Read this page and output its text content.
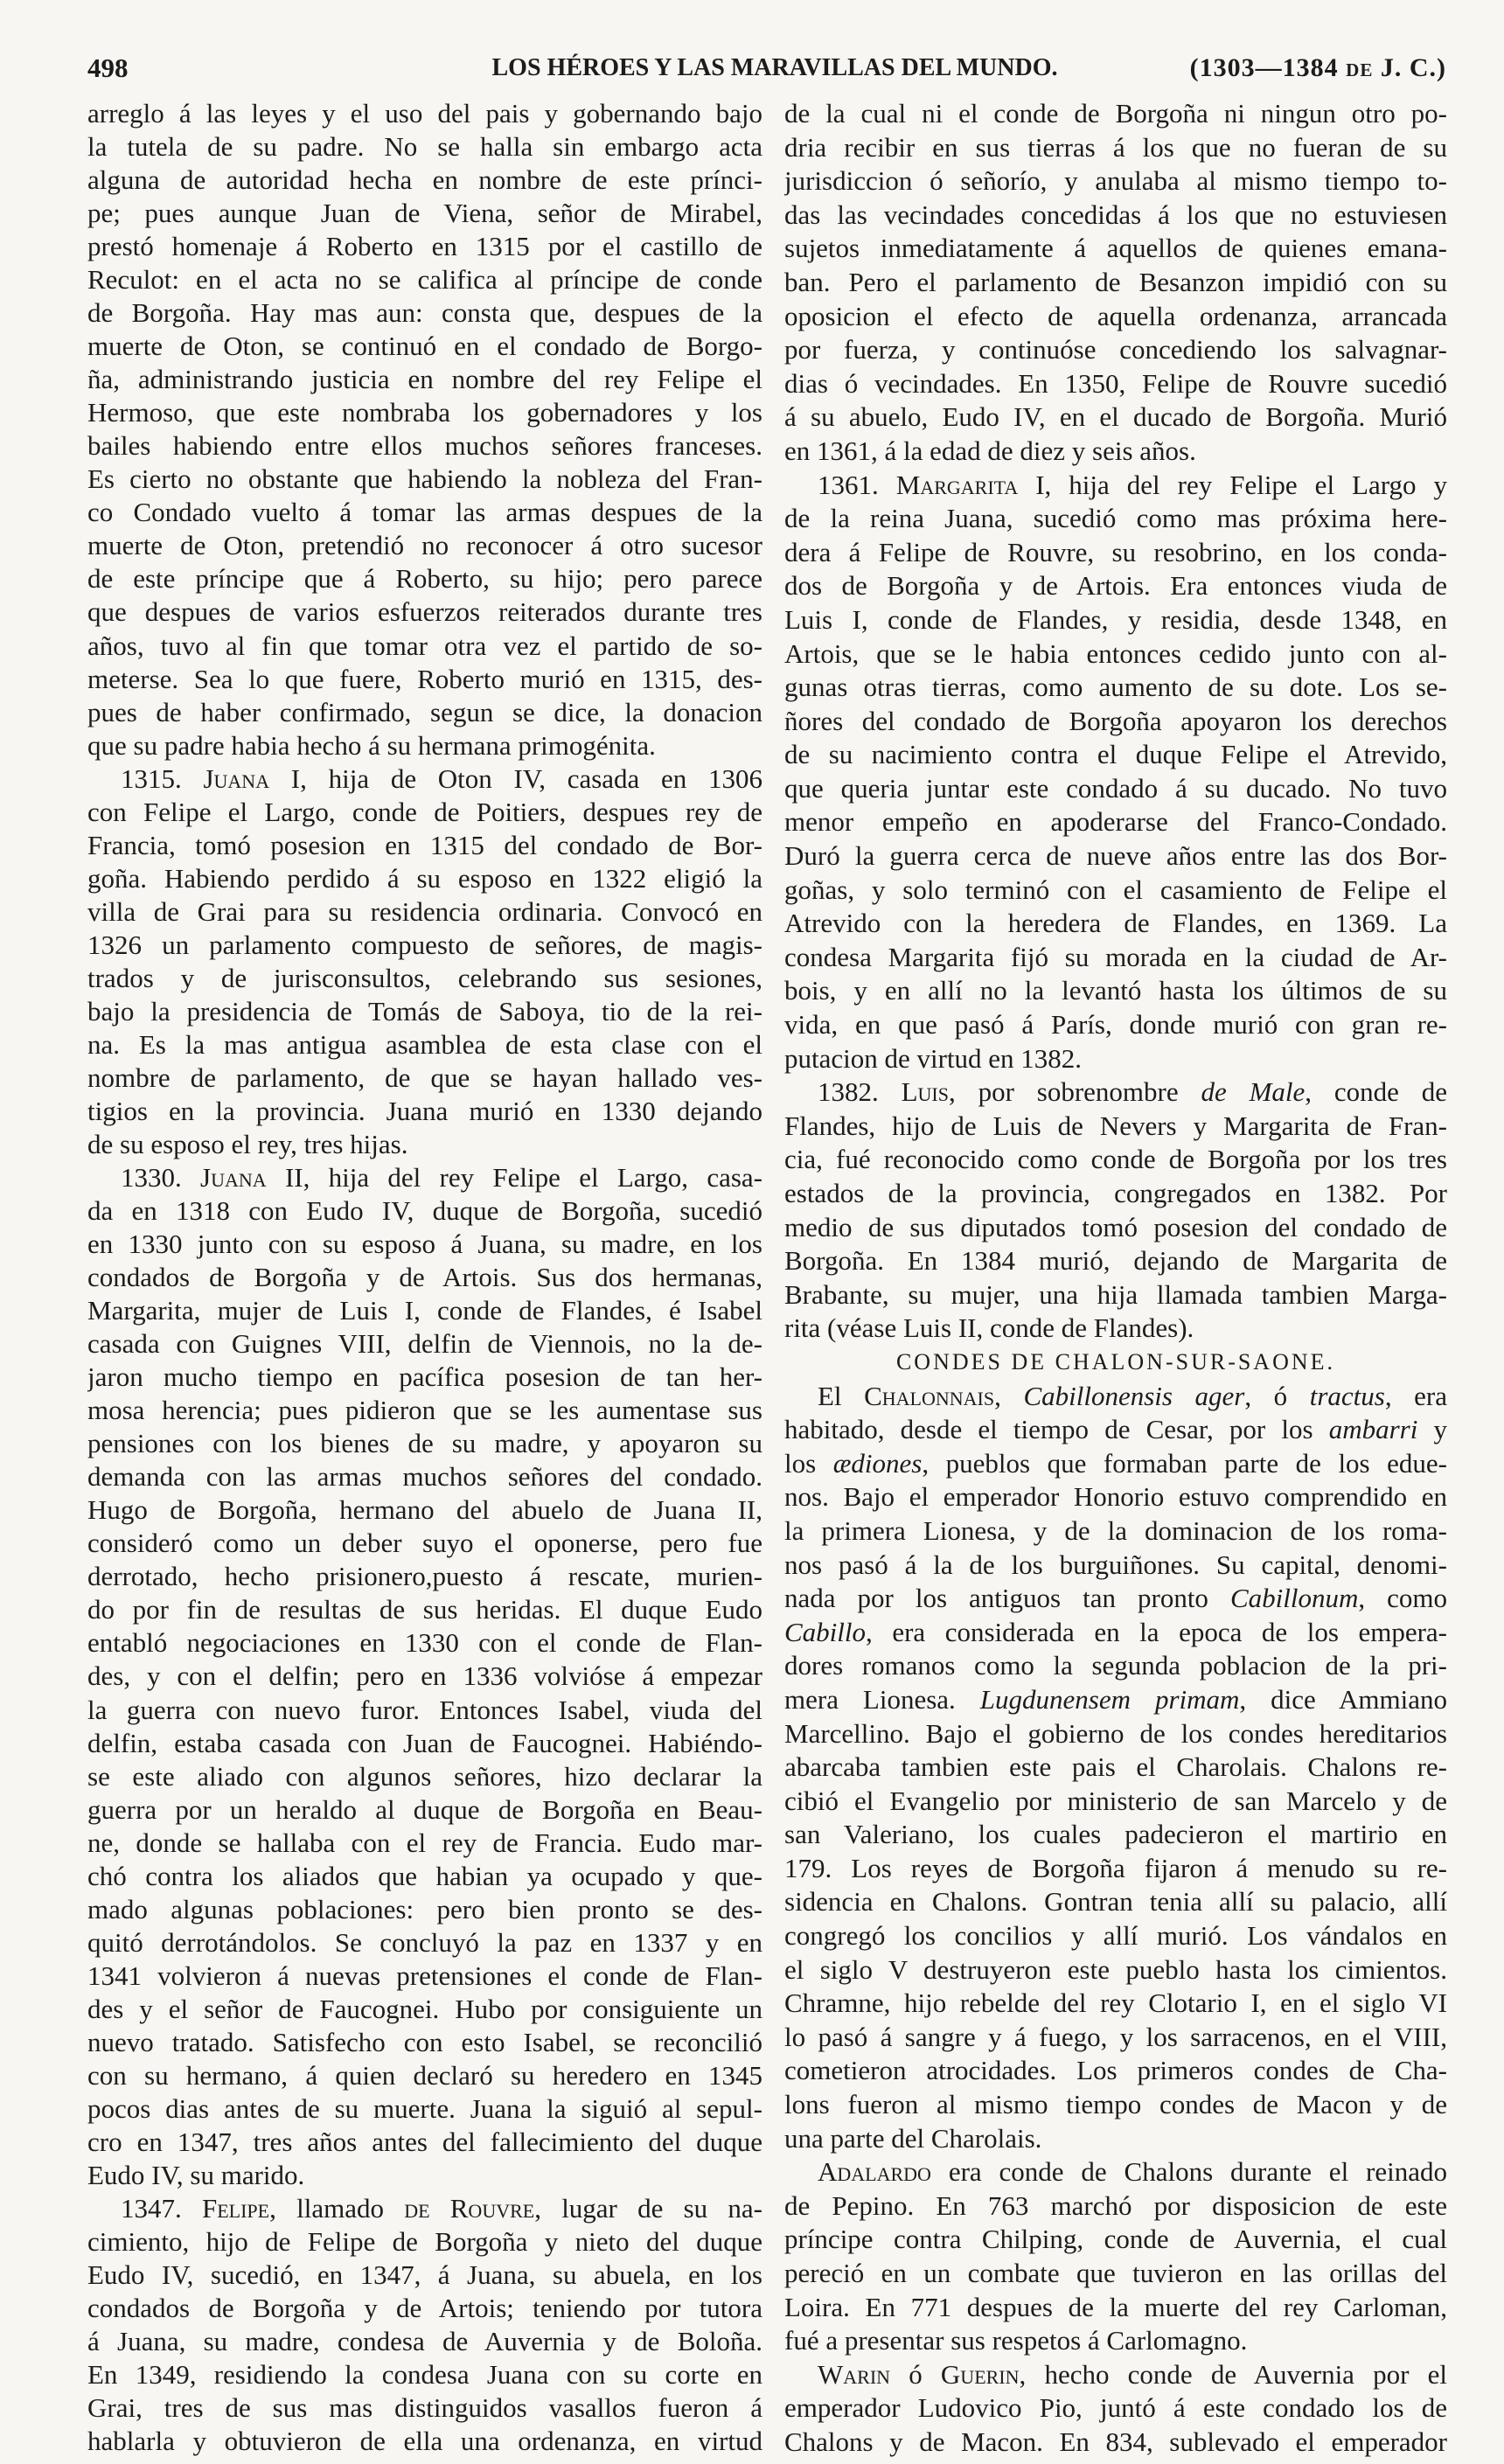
498	LOS HÉROES Y LAS MARAVILLAS DEL MUNDO.	(1303—1384 de J. C.)
arreglo á las leyes y el uso del pais y gobernando bajo
la tutela de su padre. No se halla sin embargo acta
alguna de autoridad hecha en nombre de este prínci-
pe; pues aunque Juan de Viena, señor de Mirabel,
prestó homenaje á Roberto en 1315 por el castillo de
Reculot: en el acta no se califica al príncipe de conde
de Borgoña. Hay mas aun: consta que, despues de la
muerte de Oton, se continuó en el condado de Borgo-
ña, administrando justicia en nombre del rey Felipe el
Hermoso, que este nombraba los gobernadores y los
bailes habiendo entre ellos muchos señores franceses.
Es cierto no obstante que habiendo la nobleza del Fran-
co Condado vuelto á tomar las armas despues de la
muerte de Oton, pretendió no reconocer á otro sucesor
de este príncipe que á Roberto, su hijo; pero parece
que despues de varios esfuerzos reiterados durante tres
años, tuvo al fin que tomar otra vez el partido de so-
meterse. Sea lo que fuere, Roberto murió en 1315, des-
pues de haber confirmado, segun se dice, la donacion
que su padre habia hecho á su hermana primogénita.
1315. Juana I, hija de Oton IV, casada en 1306
con Felipe el Largo, conde de Poitiers, despues rey de
Francia, tomó posesion en 1315 del condado de Bor-
goña. Habiendo perdido á su esposo en 1322 eligió la
villa de Grai para su residencia ordinaria. Convocó en
1326 un parlamento compuesto de señores, de magis-
trados y de jurisconsultos, celebrando sus sesiones,
bajo la presidencia de Tomás de Saboya, tio de la rei-
na. Es la mas antigua asamblea de esta clase con el
nombre de parlamento, de que se hayan hallado ves-
tigios en la provincia. Juana murió en 1330 dejando
de su esposo el rey, tres hijas.
1330. Juana II, hija del rey Felipe el Largo, casa-
da en 1318 con Eudo IV, duque de Borgoña, sucedió
en 1330 junto con su esposo á Juana, su madre, en los
condados de Borgoña y de Artois. Sus dos hermanas,
Margarita, mujer de Luis I, conde de Flandes, é Isabel
casada con Guignes VIII, delfin de Viennois, no la de-
jaron mucho tiempo en pacífica posesion de tan her-
mosa herencia; pues pidieron que se les aumentase sus
pensiones con los bienes de su madre, y apoyaron su
demanda con las armas muchos señores del condado.
Hugo de Borgoña, hermano del abuelo de Juana II,
consideró como un deber suyo el oponerse, pero fue
derrotado, hecho prisionero,puesto á rescate, murien-
do por fin de resultas de sus heridas. El duque Eudo
entabló negociaciones en 1330 con el conde de Flan-
des, y con el delfin; pero en 1336 volvióse á empezar
la guerra con nuevo furor. Entonces Isabel, viuda del
delfin, estaba casada con Juan de Faucognei. Habiéndo-
se este aliado con algunos señores, hizo declarar la
guerra por un heraldo al duque de Borgoña en Beau-
ne, donde se hallaba con el rey de Francia. Eudo mar-
chó contra los aliados que habian ya ocupado y que-
mado algunas poblaciones: pero bien pronto se des-
quitó derrotándolos. Se concluyó la paz en 1337 y en
1341 volvieron á nuevas pretensiones el conde de Flan-
des y el señor de Faucognei. Hubo por consiguiente un
nuevo tratado. Satisfecho con esto Isabel, se reconcilió
con su hermano, á quien declaró su heredero en 1345
pocos dias antes de su muerte. Juana la siguió al sepul-
cro en 1347, tres años antes del fallecimiento del duque
Eudo IV, su marido.
1347. Felipe, llamado de Rouvre, lugar de su na-
cimiento, hijo de Felipe de Borgoña y nieto del duque
Eudo IV, sucedió, en 1347, á Juana, su abuela, en los
condados de Borgoña y de Artois; teniendo por tutora
á Juana, su madre, condesa de Auvernia y de Boloña.
En 1349, residiendo la condesa Juana con su corte en
Grai, tres de sus mas distinguidos vasallos fueron á
hablarla y obtuvieron de ella una ordenanza, en virtud
de la cual ni el conde de Borgoña ni ningun otro po-
dria recibir en sus tierras á los que no fueran de su
jurisdiccion ó señorío, y anulaba al mismo tiempo to-
das las vecindades concedidas á los que no estuviesen
sujetos inmediatamente á aquellos de quienes emana-
ban. Pero el parlamento de Besanzon impidió con su
oposicion el efecto de aquella ordenanza, arrancada
por fuerza, y continuóse concediendo los salvagnar-
dias ó vecindades. En 1350, Felipe de Rouvre sucedió
á su abuelo, Eudo IV, en el ducado de Borgoña. Murió
en 1361, á la edad de diez y seis años.
1361. Margarita I, hija del rey Felipe el Largo y
de la reina Juana, sucedió como mas próxima here-
dera á Felipe de Rouvre, su resobrino, en los conda-
dos de Borgoña y de Artois. Era entonces viuda de
Luis I, conde de Flandes, y residia, desde 1348, en
Artois, que se le habia entonces cedido junto con al-
gunas otras tierras, como aumento de su dote. Los se-
ñores del condado de Borgoña apoyaron los derechos
de su nacimiento contra el duque Felipe el Atrevido,
que queria juntar este condado á su ducado. No tuvo
menor empeño en apoderarse del Franco-Condado.
Duró la guerra cerca de nueve años entre las dos Bor-
goñas, y solo terminó con el casamiento de Felipe el
Atrevido con la heredera de Flandes, en 1369. La
condesa Margarita fijó su morada en la ciudad de Ar-
bois, y en allí no la levantó hasta los últimos de su
vida, en que pasó á París, donde murió con gran re-
putacion de virtud en 1382.
1382. Luis, por sobrenombre de Male, conde de
Flandes, hijo de Luis de Nevers y Margarita de Fran-
cia, fué reconocido como conde de Borgoña por los tres
estados de la provincia, congregados en 1382. Por
medio de sus diputados tomó posesion del condado de
Borgoña. En 1384 murió, dejando de Margarita de
Brabante, su mujer, una hija llamada tambien Marga-
rita (véase Luis II, conde de Flandes).
CONDES DE CHALON-SUR-SAONE.
El Chalonnais, Cabillonensis ager, ó tractus, era
habitado, desde el tiempo de Cesar, por los ambarri y
los ædiones, pueblos que formaban parte de los edue-
nos. Bajo el emperador Honorio estuvo comprendido en
la primera Lionesa, y de la dominacion de los roma-
nos pasó á la de los burguiñones. Su capital, denomi-
nada por los antiguos tan pronto Cabillonum, como
Cabillo, era considerada en la epoca de los empera-
dores romanos como la segunda poblacion de la pri-
mera Lionesa. Lugdunensem primam, dice Ammiano
Marcellino. Bajo el gobierno de los condes hereditarios
abarcaba tambien este pais el Charolais. Chalons re-
cibió el Evangelio por ministerio de san Marcelo y de
san Valeriano, los cuales padecieron el martirio en
179. Los reyes de Borgoña fijaron á menudo su re-
sidencia en Chalons. Gontran tenia allí su palacio, allí
congregó los concilios y allí murió. Los vándalos en
el siglo V destruyeron este pueblo hasta los cimientos.
Chramne, hijo rebelde del rey Clotario I, en el siglo VI
lo pasó á sangre y á fuego, y los sarracenos, en el VIII,
cometieron atrocidades. Los primeros condes de Cha-
lons fueron al mismo tiempo condes de Macon y de
una parte del Charolais.
Adalardo era conde de Chalons durante el reinado
de Pepino. En 763 marchó por disposicion de este
príncipe contra Chilping, conde de Auvernia, el cual
pereció en un combate que tuvieron en las orillas del
Loira. En 771 despues de la muerte del rey Carloman,
fué a presentar sus respetos á Carlomagno.
Warin ó Guerin, hecho conde de Auvernia por el
emperador Ludovico Pio, juntó á este condado los de
Chalons y de Macon. En 834, sublevado el emperador
